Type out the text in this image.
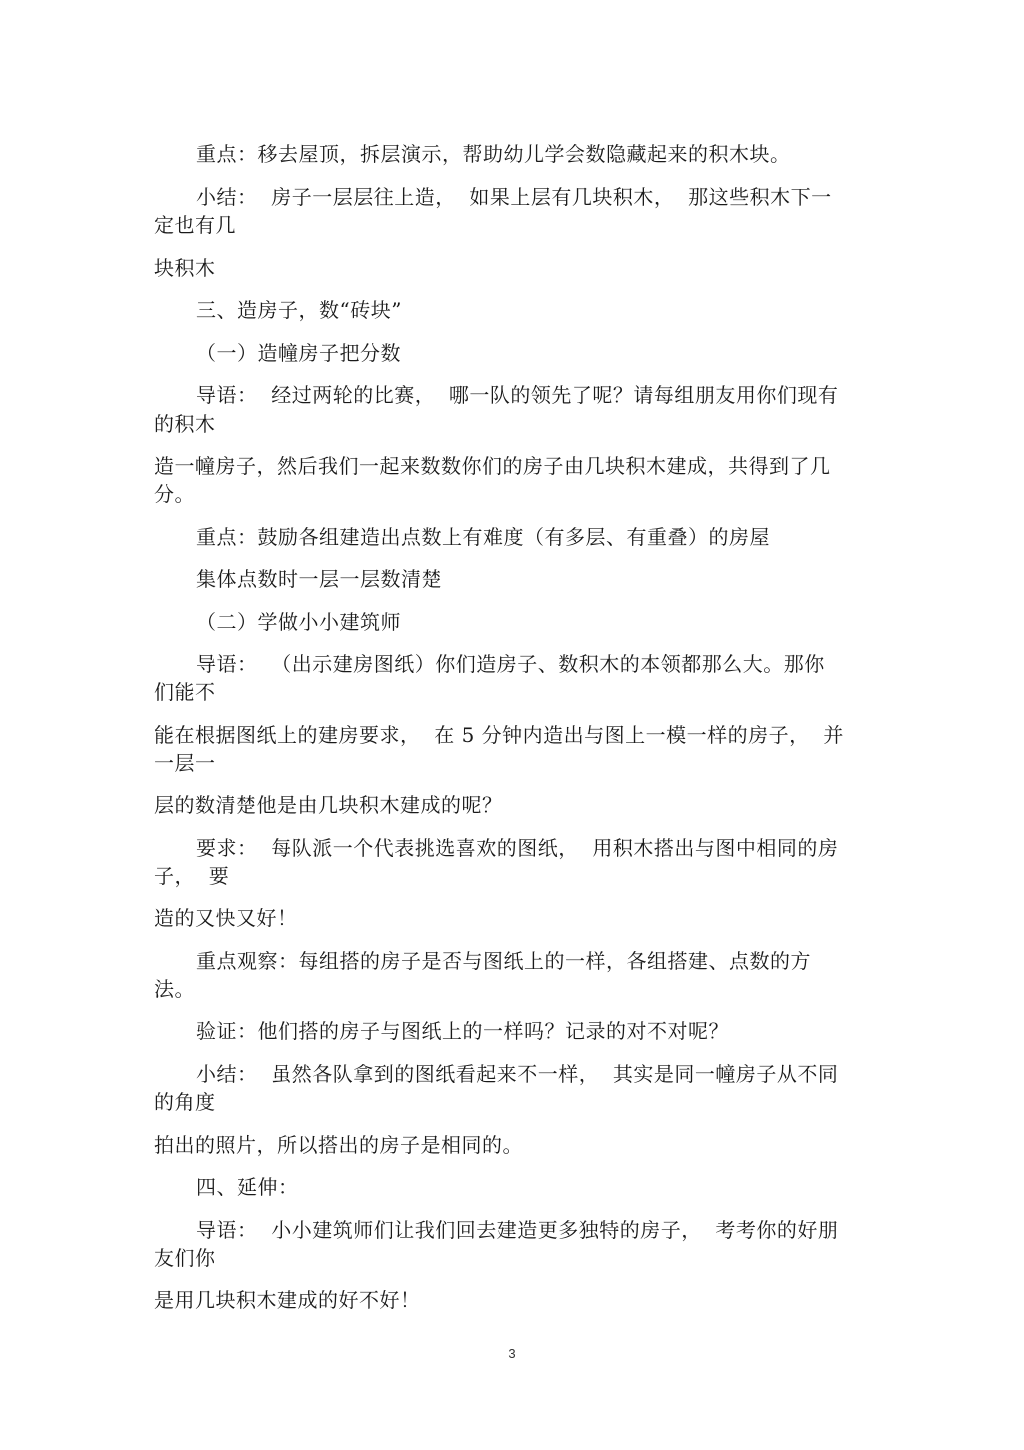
重点：移去屋顶，拆层演示，帮助幼儿学会数隐藏起来的积木块。
小结：  房子一层层往上造，  如果上层有几块积木，  那这些积木下一
定也有几
块积木
三、造房子，数“砖块”
（一）造幢房子把分数
导语：  经过两轮的比赛，  哪一队的领先了呢？请每组朋友用你们现有
的积木
造一幢房子，然后我们一起来数数你们的房子由几块积木建成，共得到了几
分。
重点：鼓励各组建造出点数上有难度（有多层、有重叠）的房屋
集体点数时一层一层数清楚
（二）学做小小建筑师
导语：  （出示建房图纸）你们造房子、数积木的本领都那么大。那你
们能不
能在根据图纸上的建房要求，  在 5 分钟内造出与图上一模一样的房子，  并
一层一
层的数清楚他是由几块积木建成的呢？
要求：  每队派一个代表挑选喜欢的图纸，  用积木搭出与图中相同的房
子，  要
造的又快又好！
重点观察：每组搭的房子是否与图纸上的一样，各组搭建、点数的方
法。
验证：他们搭的房子与图纸上的一样吗？记录的对不对呢？
小结：  虽然各队拿到的图纸看起来不一样，  其实是同一幢房子从不同
的角度
拍出的照片，所以搭出的房子是相同的。
四、延伸：
导语：  小小建筑师们让我们回去建造更多独特的房子，  考考你的好朋
友们你
是用几块积木建成的好不好！
3
